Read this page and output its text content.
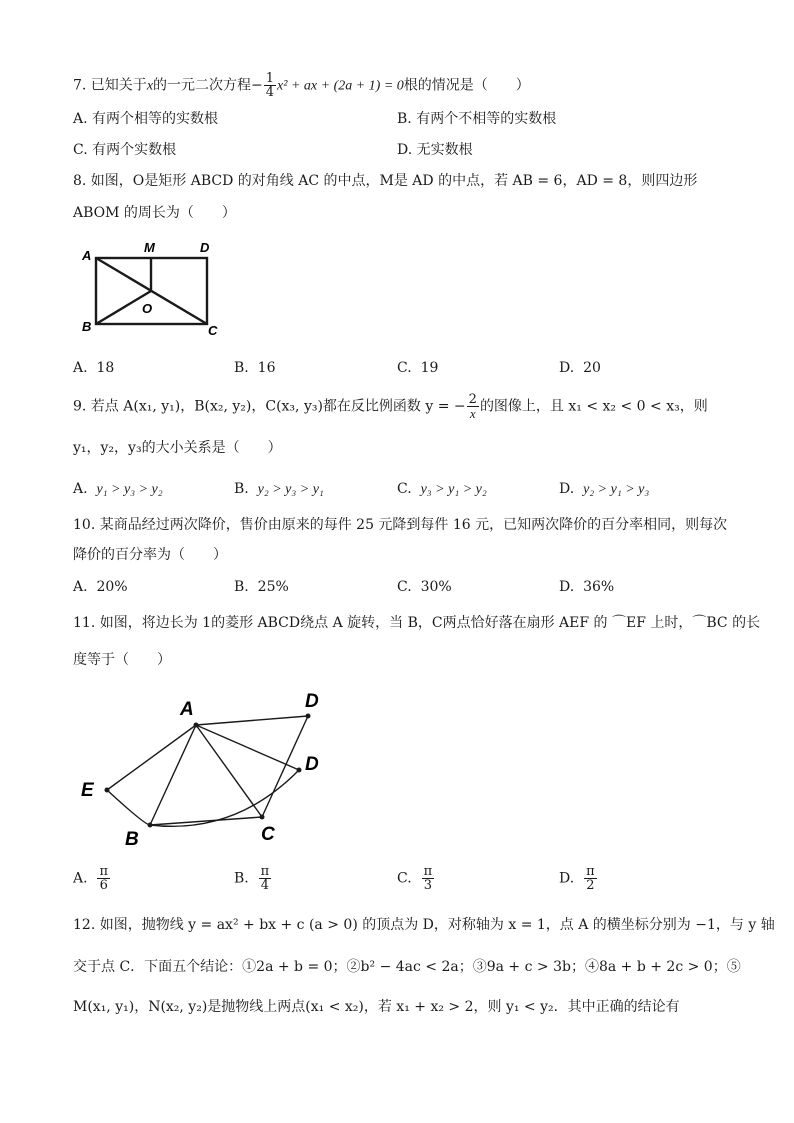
7. 已知关于x的一元二次方程− $\frac{1}{4} x^2$ + ax + (2a + 1) = 0根的情况是（　　）
A. 有两个相等的实数根	B. 有两个不相等的实数根
C. 有两个实数根	D. 无实数根
8. 如图，O是矩形 ABCD 的对角线 AC 的中点，M是 AD 的中点，若 AB = 6，AD = 8，则四边形
ABOM 的周长为（　　）
A
M	D
O
B	C
A. 18	B. 16	C. 19	D. 20
9. 若点 A(x₁, y₁)，B(x₂, y₂)，C(x₃, y₃)都在反比例函数 y = − $\frac{2}{x}$ 的图像上，且 x₁ < x₂ < 0 < x₃，则
y₁，y₂，y₃的大小关系是（　　）
A. y₁ > y₃ > y₂	B. y₂ > y₃ > y₁	C. y₃ > y₁ > y₂	D. y₂ > y₁ > y₃
10. 某商品经过两次降价，售价由原来的每件 25 元降到每件 16 元，已知两次降价的百分率相同，则每次
降价的百分率为（　　）
A. 20%	B. 25%	C. 30%	D. 36%
11. 如图，将边长为 1的菱形 ABCD绕点 A 旋转，当 B，C两点恰好落在扇形 AEF 的 ⌒EF 上时，⌒BC 的长
度等于（　　）
A	D
D
E
B	C
A. $\frac{\pi}{6}$	B. $\frac{\pi}{4}$	C. $\frac{\pi}{3}$	D. $\frac{\pi}{2}$
12. 如图，抛物线 y = ax² + bx + c (a > 0) 的顶点为 D，对称轴为 x = 1，点 A 的横坐标分别为 −1，与 y 轴
交于点 C．下面五个结论：①2a + b = 0；②b² − 4ac < 2a；③9a + c > 3b；④8a + b + 2c > 0；⑤
M(x₁, y₁)，N(x₂, y₂)是抛物线上两点(x₁ < x₂)，若 x₁ + x₂ > 2，则 y₁ < y₂．其中正确的结论有
